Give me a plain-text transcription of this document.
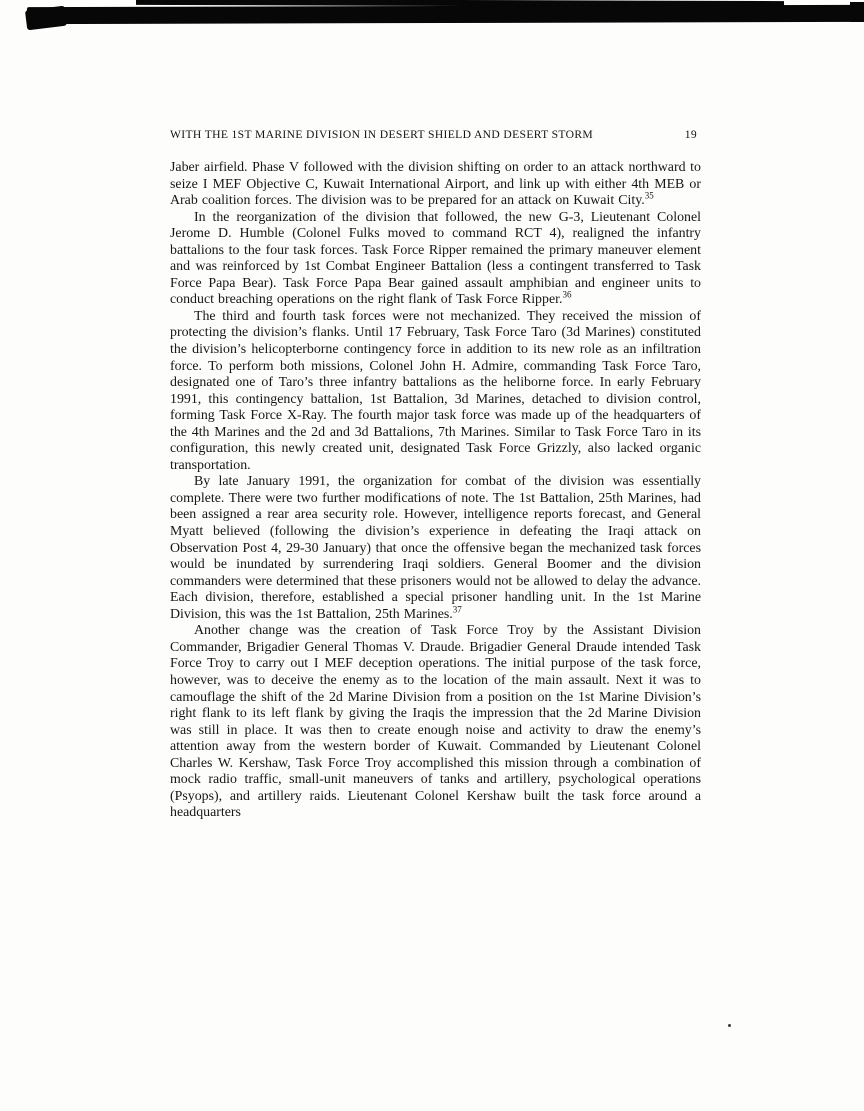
WITH THE 1ST MARINE DIVISION IN DESERT SHIELD AND DESERT STORM	19

Jaber airfield. Phase V followed with the division shifting on order to an attack northward to seize I MEF Objective C, Kuwait International Airport, and link up with either 4th MEB or Arab coalition forces. The division was to be prepared for an attack on Kuwait City.$^{35}$

In the reorganization of the division that followed, the new G-3, Lieutenant Colonel Jerome D. Humble (Colonel Fulks moved to command RCT 4), realigned the infantry battalions to the four task forces. Task Force Ripper remained the primary maneuver element and was reinforced by 1st Combat Engineer Battalion (less a contingent transferred to Task Force Papa Bear). Task Force Papa Bear gained assault amphibian and engineer units to conduct breaching operations on the right flank of Task Force Ripper.$^{36}$

The third and fourth task forces were not mechanized. They received the mission of protecting the division’s flanks. Until 17 February, Task Force Taro (3d Marines) constituted the division’s helicopterborne contingency force in addition to its new role as an infiltration force. To perform both missions, Colonel John H. Admire, commanding Task Force Taro, designated one of Taro’s three infantry battalions as the heliborne force. In early February 1991, this contingency battalion, 1st Battalion, 3d Marines, detached to division control, forming Task Force X-Ray. The fourth major task force was made up of the headquarters of the 4th Marines and the 2d and 3d Battalions, 7th Marines. Similar to Task Force Taro in its configuration, this newly created unit, designated Task Force Grizzly, also lacked organic transportation.

By late January 1991, the organization for combat of the division was essentially complete. There were two further modifications of note. The 1st Battalion, 25th Marines, had been assigned a rear area security role. However, intelligence reports forecast, and General Myatt believed (following the division’s experience in defeating the Iraqi attack on Observation Post 4, 29-30 January) that once the offensive began the mechanized task forces would be inundated by surrendering Iraqi soldiers. General Boomer and the division commanders were determined that these prisoners would not be allowed to delay the advance. Each division, therefore, established a special prisoner handling unit. In the 1st Marine Division, this was the 1st Battalion, 25th Marines.$^{37}$

Another change was the creation of Task Force Troy by the Assistant Division Commander, Brigadier General Thomas V. Draude. Brigadier General Draude intended Task Force Troy to carry out I MEF deception operations. The initial purpose of the task force, however, was to deceive the enemy as to the location of the main assault. Next it was to camouflage the shift of the 2d Marine Division from a position on the 1st Marine Division’s right flank to its left flank by giving the Iraqis the impression that the 2d Marine Division was still in place. It was then to create enough noise and activity to draw the enemy’s attention away from the western border of Kuwait. Commanded by Lieutenant Colonel Charles W. Kershaw, Task Force Troy accomplished this mission through a combination of mock radio traffic, small-unit maneuvers of tanks and artillery, psychological operations (Psyops), and artillery raids. Lieutenant Colonel Kershaw built the task force around a headquarters
